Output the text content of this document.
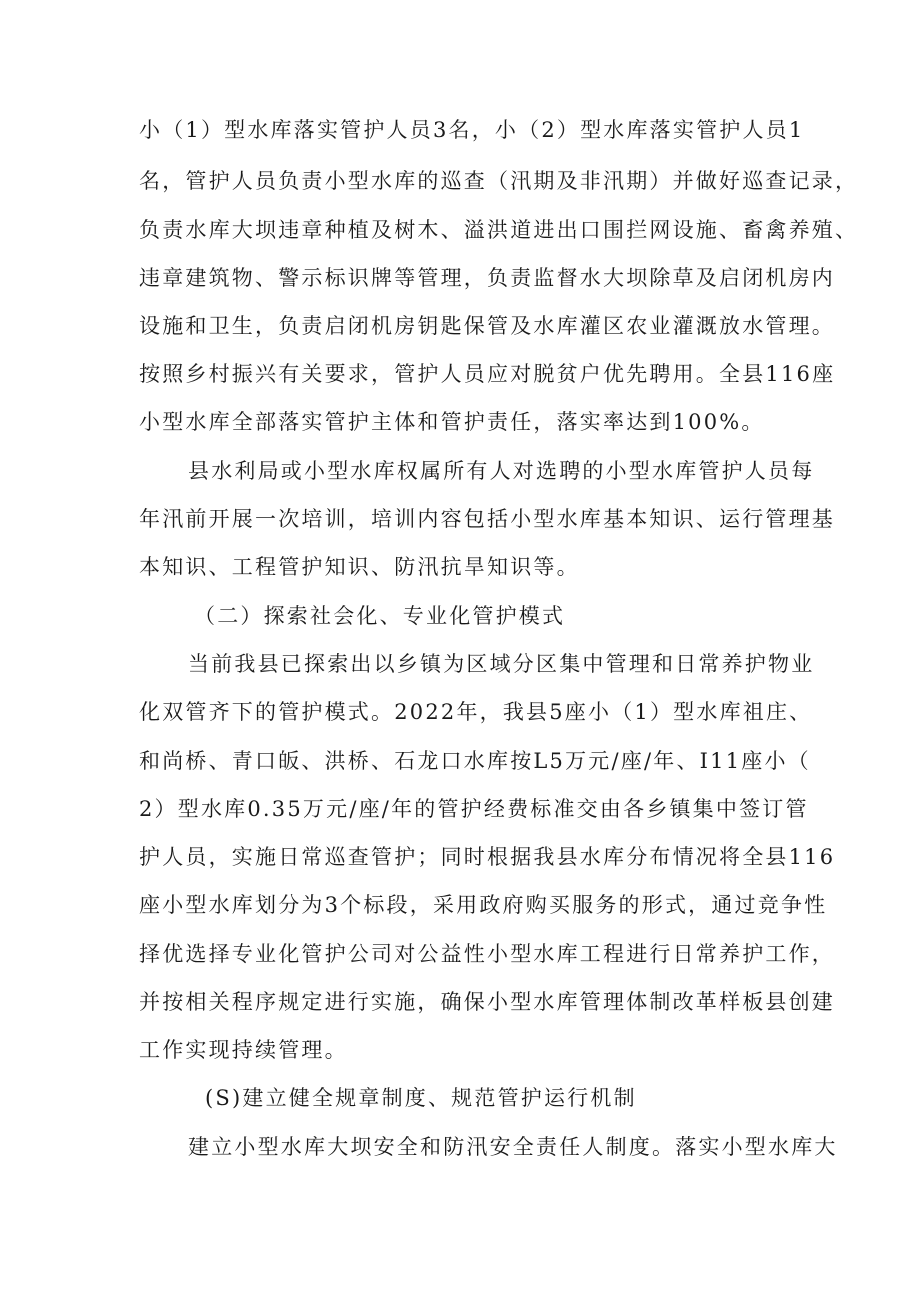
小（1）型水库落实管护人员3名，小（2）型水库落实管护人员1
名，管护人员负责小型水库的巡查（汛期及非汛期）并做好巡查记录，
负责水库大坝违章种植及树木、溢洪道进出口围拦网设施、畜禽养殖、
违章建筑物、警示标识牌等管理，负责监督水大坝除草及启闭机房内
设施和卫生，负责启闭机房钥匙保管及水库灌区农业灌溉放水管理。
按照乡村振兴有关要求，管护人员应对脱贫户优先聘用。全县116座
小型水库全部落实管护主体和管护责任，落实率达到100%。
县水利局或小型水库权属所有人对选聘的小型水库管护人员每
年汛前开展一次培训，培训内容包括小型水库基本知识、运行管理基
本知识、工程管护知识、防汛抗旱知识等。
（二）探索社会化、专业化管护模式
当前我县已探索出以乡镇为区域分区集中管理和日常养护物业
化双管齐下的管护模式。2022年，我县5座小（1）型水库祖庄、
和尚桥、青口皈、洪桥、石龙口水库按L5万元/座/年、I11座小（
2）型水库0.35万元/座/年的管护经费标准交由各乡镇集中签订管
护人员，实施日常巡查管护；同时根据我县水库分布情况将全县116
座小型水库划分为3个标段，采用政府购买服务的形式，通过竞争性
择优选择专业化管护公司对公益性小型水库工程进行日常养护工作，
并按相关程序规定进行实施，确保小型水库管理体制改革样板县创建
工作实现持续管理。
(S)建立健全规章制度、规范管护运行机制
建立小型水库大坝安全和防汛安全责任人制度。落实小型水库大
